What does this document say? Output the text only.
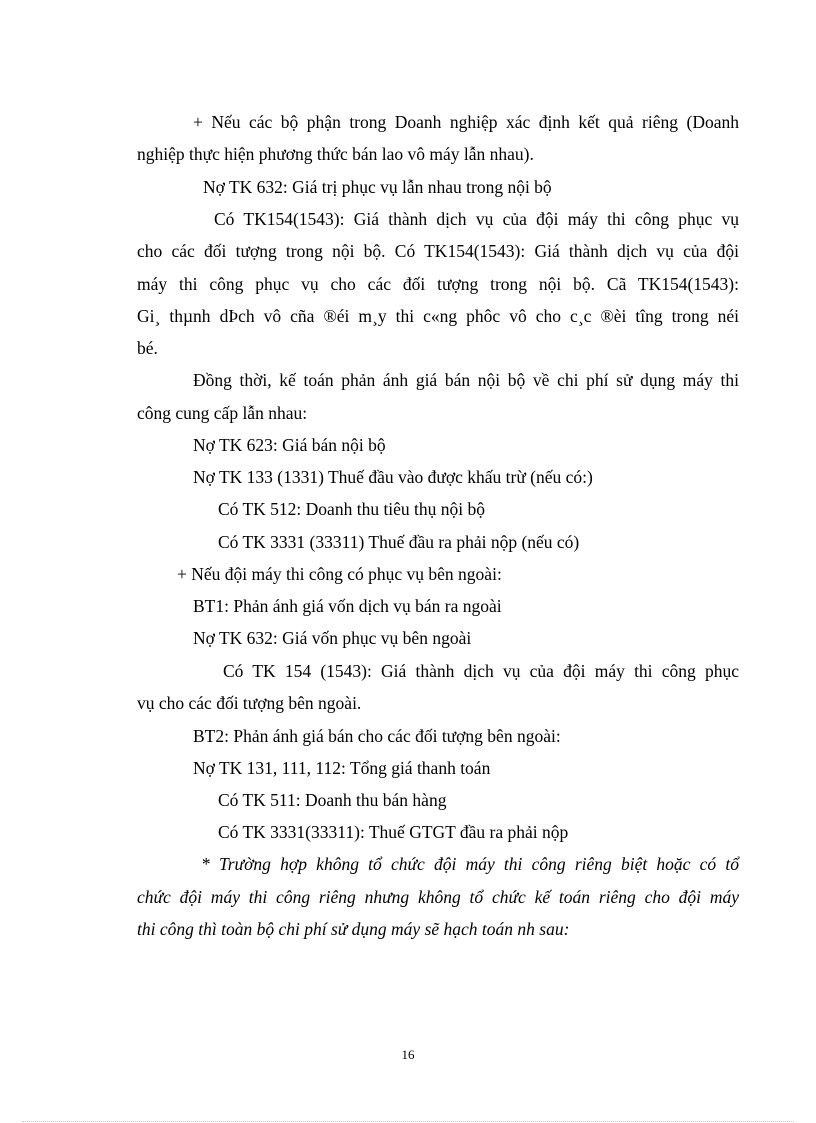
+ Nếu các bộ phận trong Doanh nghiệp xác định kết quả riêng (Doanh
nghiệp thực hiện phương thức bán lao vô máy lẫn nhau).
Nợ TK 632: Giá trị phục vụ lẫn nhau trong nội bộ
Có TK154(1543): Giá thành dịch vụ của đội máy thi công phục vụ
cho các đối tượng trong nội bộ. Có TK154(1543): Giá thành dịch vụ của đội
máy thi công phục vụ cho các đối tượng trong nội bộ. Cã TK154(1543):
Gi¸ thµnh dÞch vô cña ®éi m¸y thi c«ng phôc vô cho c¸c ®èi tîng trong néi
bé.
Đồng thời, kế toán phản ánh giá bán nội bộ về chi phí sử dụng máy thi
công cung cấp lẫn nhau:
Nợ TK 623: Giá bán nội bộ
Nợ TK 133 (1331) Thuế đầu vào được khấu trừ (nếu có:)
Có TK 512: Doanh thu tiêu thụ nội bộ
Có TK 3331 (33311) Thuế đầu ra phải nộp (nếu có)
+ Nếu đội máy thi công có phục vụ bên ngoài:
BT1: Phản ánh giá vốn dịch vụ bán ra ngoài
Nợ TK 632: Giá vốn phục vụ bên ngoài
Có TK 154 (1543): Giá thành dịch vụ của đội máy thi công phục
vụ cho các đối tượng bên ngoài.
BT2: Phản ánh giá bán cho các đối tượng bên ngoài:
Nợ TK 131, 111, 112: Tổng giá thanh toán
Có TK 511: Doanh thu bán hàng
Có TK 3331(33311): Thuế GTGT đầu ra phải nộp
* Trường hợp không tổ chức đội máy thi công riêng biệt hoặc có tổ
chức đội máy thi công riêng nhưng không tổ chức kế toán riêng cho đội máy
thi công thì toàn bộ chi phí sử dụng máy sẽ hạch toán nh sau:
16
